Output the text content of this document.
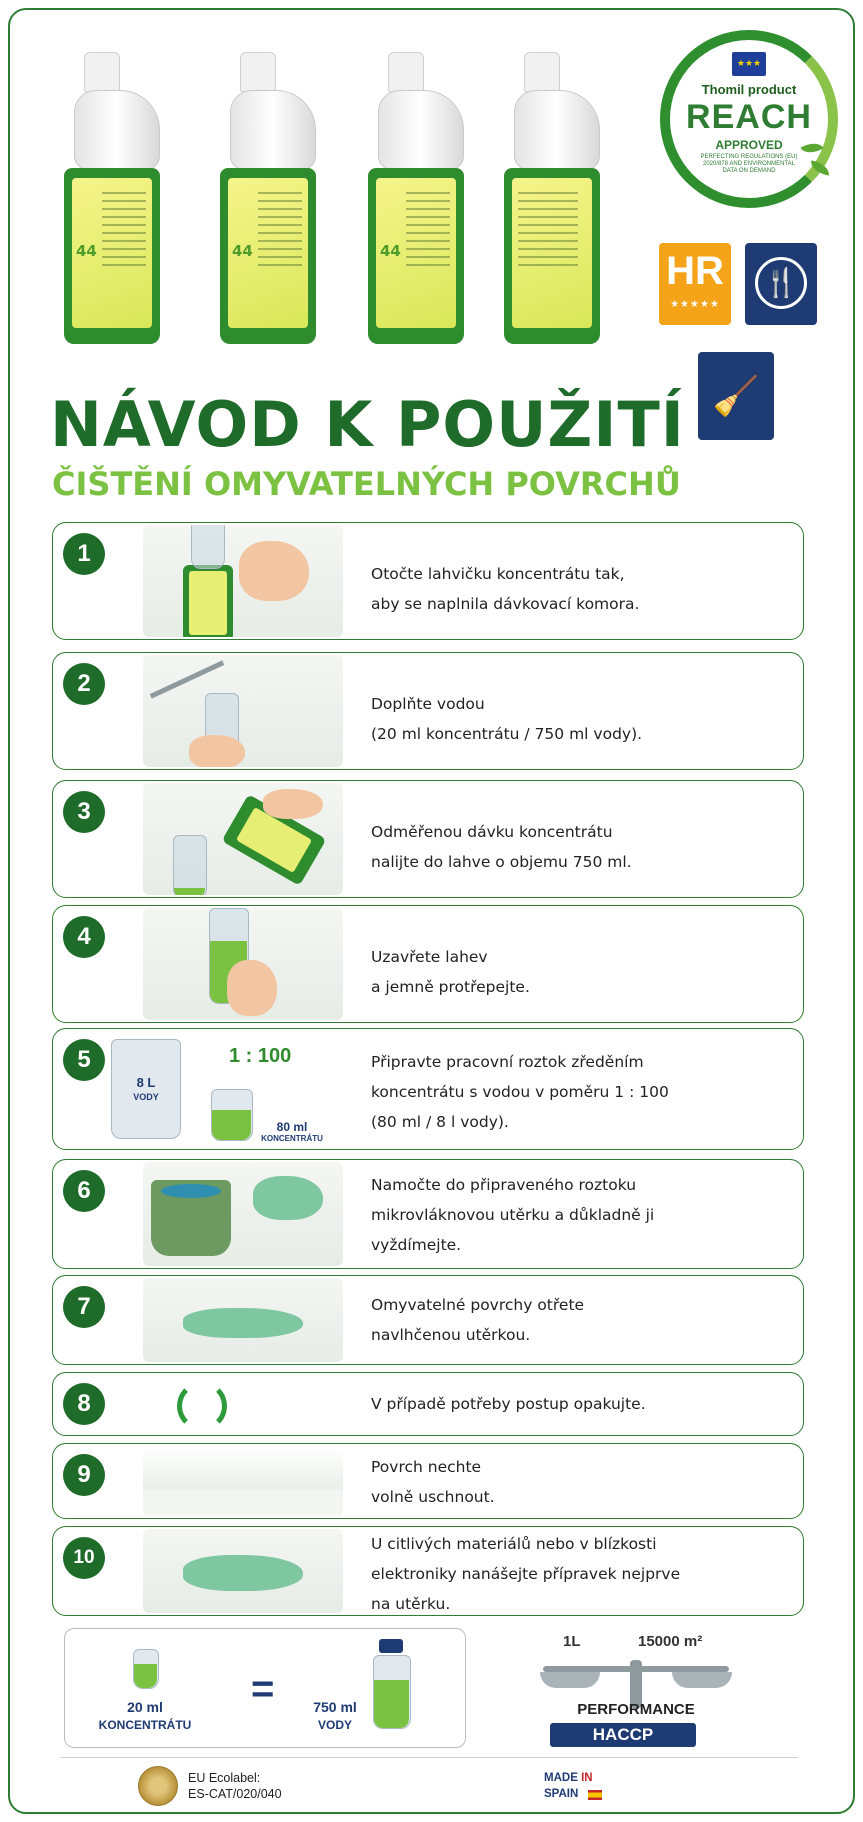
44	44	44
★★★
Thomil product
REACH
APPROVED
PERFECTING REGULATIONS (EU) 2020/878 AND ENVIRONMENTAL DATA ON DEMAND
HR
★★★★★
🍴
🧹
NÁVOD K POUŽITÍ
ČIŠTĚNÍ OMYVATELNÝCH POVRCHŮ
1
Otočte lahvičku koncentrátu tak,
aby se naplnila dávkovací komora.
2
Doplňte vodou
(20 ml koncentrátu / 750 ml vody).
3
Odměřenou dávku koncentrátu
nalijte do lahve o objemu 750 ml.
4
Uzavřete lahev
a jemně protřepejte.
5
8 L
VODY
1 : 100
80 ml
KONCENTRÁTU
Připravte pracovní roztok zředěním
koncentrátu s vodou v poměru 1 : 100
(80 ml / 8 l vody).
6	Namočte do připraveného roztoku
mikrovláknovou utěrku a důkladně ji
vyždímejte.
7	Omyvatelné povrchy otřete
navlhčenou utěrkou.
8	V případě potřeby postup opakujte.
9	Povrch nechte
volně uschnout.
10
U citlivých materiálů nebo v blízkosti
elektroniky nanášejte přípravek nejprve
na utěrku.
20 ml
KONCENTRÁTU
=	750 ml
VODY
1L	15000 m²
PERFORMANCE
HACCP
EU Ecolabel:
ES-CAT/020/040
MADE IN
SPAIN
